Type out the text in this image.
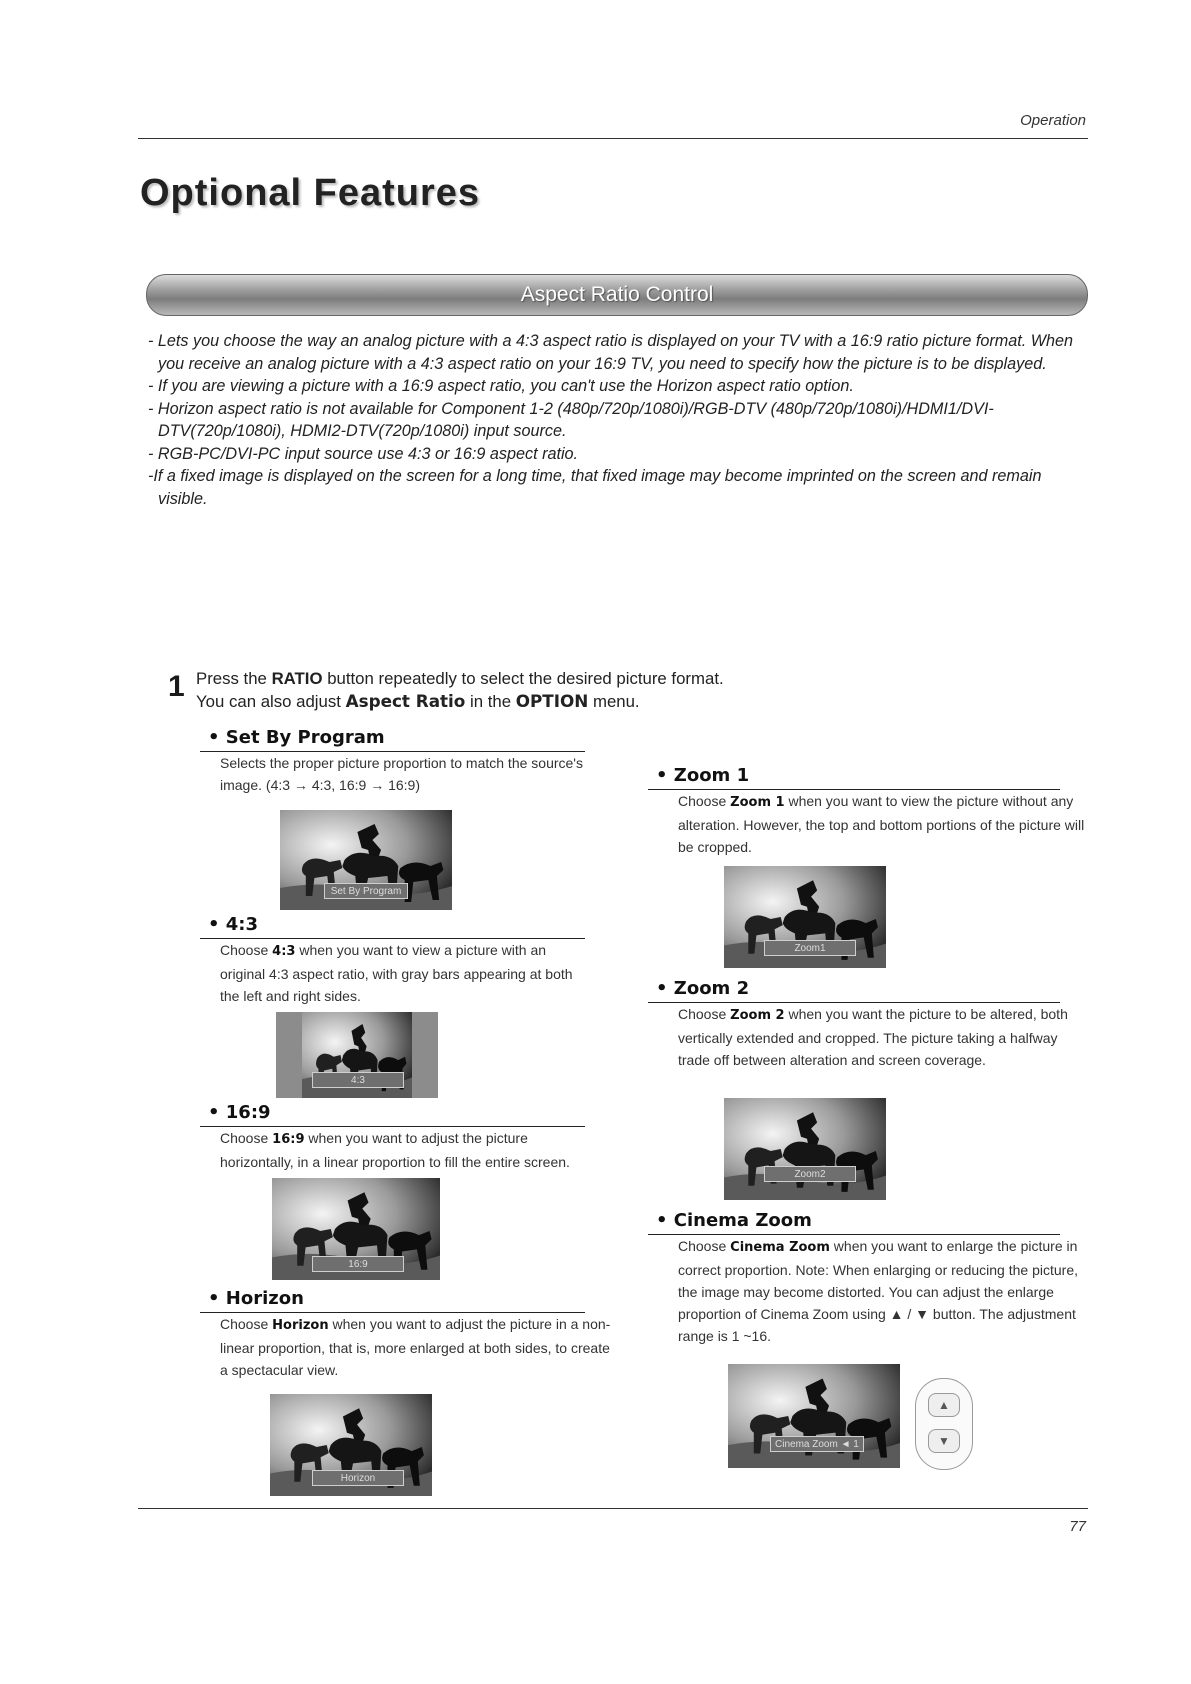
Operation
Optional Features
Aspect Ratio Control

- Lets you choose the way an analog picture with a 4:3 aspect ratio is displayed on your TV with a 16:9 ratio picture format. When you receive an analog picture with a 4:3 aspect ratio on your 16:9 TV, you need to specify how the picture is to be displayed.

- If you are viewing a picture with a 16:9 aspect ratio, you can't use the Horizon aspect ratio option.

- Horizon aspect ratio is not available for Component 1-2 (480p/720p/1080i)/RGB-DTV (480p/720p/1080i)/HDMI1/DVI-DTV(720p/1080i), HDMI2-DTV(720p/1080i) input source.

- RGB-PC/DVI-PC input source use 4:3 or 16:9 aspect ratio.

-If a fixed image is displayed on the screen for a long time, that fixed image may become imprinted on the screen and remain visible.

1 Press the RATIO button repeatedly to select the desired picture format.
You can also adjust Aspect Ratio in the OPTION menu.
• Set By Program
Selects the proper picture proportion to match the source's image. (4:3 → 4:3, 16:9 → 16:9)
Set By Program
• 4:3
Choose 4:3 when you want to view a picture with an original 4:3 aspect ratio, with gray bars appearing at both the left and right sides.
4:3
• 16:9
Choose 16:9 when you want to adjust the picture horizontally, in a linear proportion to fill the entire screen.
16:9
• Horizon
Choose Horizon when you want to adjust the picture in a non-linear proportion, that is, more enlarged at both sides, to create a spectacular view.
Horizon
• Zoom 1
Choose Zoom 1 when you want to view the picture without any alteration. However, the top and bottom portions of the picture will be cropped.
Zoom1
• Zoom 2
Choose Zoom 2 when you want the picture to be altered, both vertically extended and cropped. The picture taking a halfway trade off between alteration and screen coverage.
Zoom2
• Cinema Zoom
Choose Cinema Zoom when you want to enlarge the picture in correct proportion. Note: When enlarging or reducing the picture, the image may become distorted. You can adjust the enlarge proportion of Cinema Zoom using ▲ / ▼ button. The adjustment range is 1 ~16.
Cinema Zoom ◄ 1
▲
▼
77
